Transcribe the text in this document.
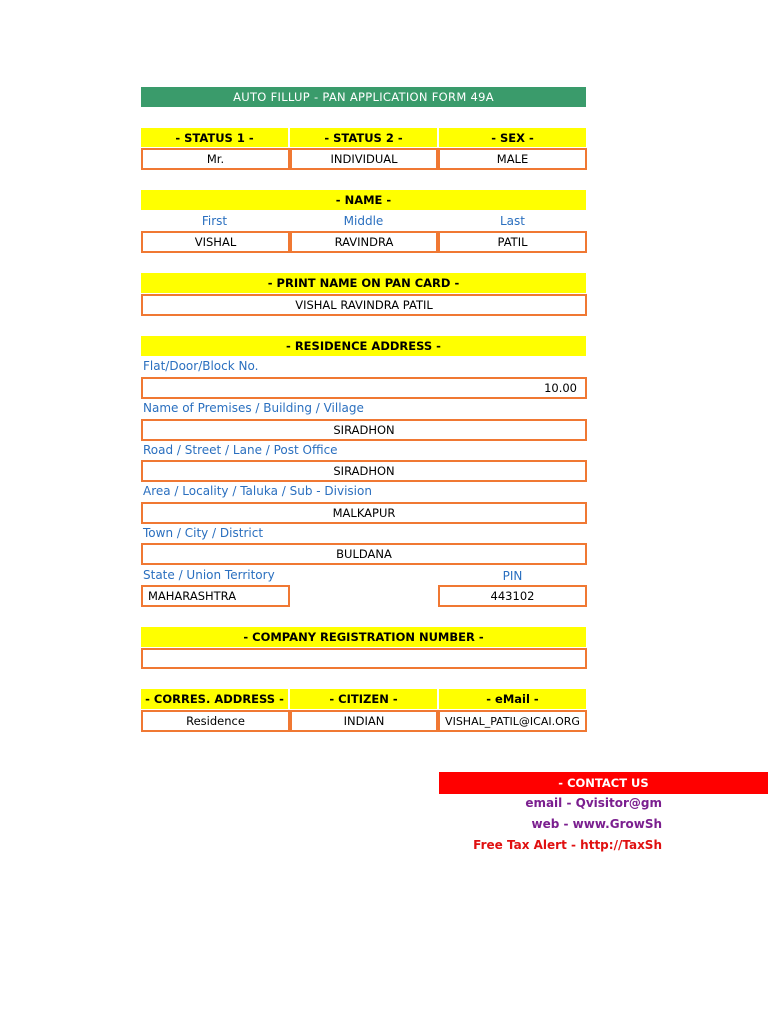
AUTO FILLUP - PAN APPLICATION FORM 49A
- STATUS 1 -	- STATUS 2 -	- SEX -
Mr.	INDIVIDUAL	MALE
- NAME -
First	Middle	Last
VISHAL	RAVINDRA	PATIL
- PRINT NAME ON PAN CARD -
VISHAL RAVINDRA PATIL
- RESIDENCE ADDRESS -
Flat/Door/Block No.
10.00
Name of Premises / Building / Village
SIRADHON
Road / Street / Lane / Post Office
SIRADHON
Area / Locality / Taluka / Sub - Division
MALKAPUR
Town / City / District
BULDANA
State / Union Territory	PIN
MAHARASHTRA	443102
- COMPANY REGISTRATION NUMBER -
- CORRES. ADDRESS -	- CITIZEN -	- eMail -
Residence	INDIAN	VISHAL_PATIL@ICAI.ORG
- CONTACT US
email - Qvisitor@gm
web - www.GrowSh
Free Tax Alert - http://TaxSh
